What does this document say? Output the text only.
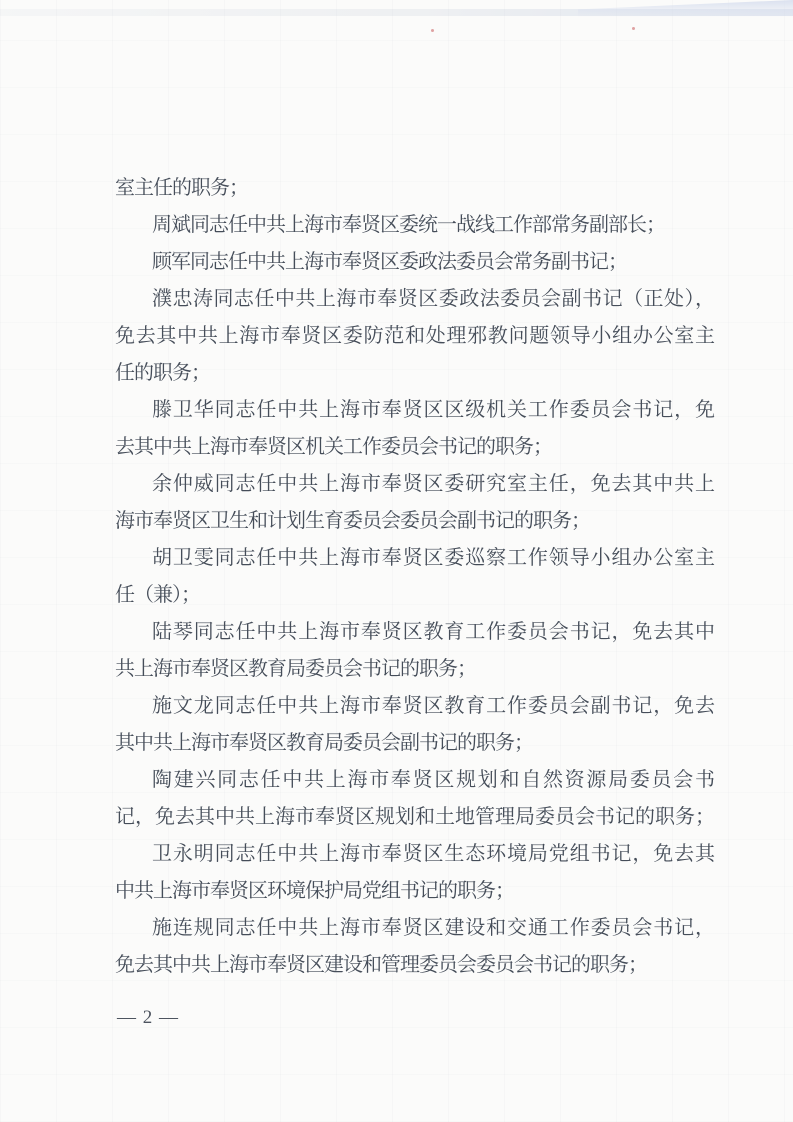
室主任的职务；
周斌同志任中共上海市奉贤区委统一战线工作部常务副部长；
顾军同志任中共上海市奉贤区委政法委员会常务副书记；
濮忠涛同志任中共上海市奉贤区委政法委员会副书记（正处），
免去其中共上海市奉贤区委防范和处理邪教问题领导小组办公室主
任的职务；
滕卫华同志任中共上海市奉贤区区级机关工作委员会书记，免
去其中共上海市奉贤区机关工作委员会书记的职务；
余仲威同志任中共上海市奉贤区委研究室主任，免去其中共上
海市奉贤区卫生和计划生育委员会委员会副书记的职务；
胡卫雯同志任中共上海市奉贤区委巡察工作领导小组办公室主
任（兼）；
陆琴同志任中共上海市奉贤区教育工作委员会书记，免去其中
共上海市奉贤区教育局委员会书记的职务；
施文龙同志任中共上海市奉贤区教育工作委员会副书记，免去
其中共上海市奉贤区教育局委员会副书记的职务；
陶建兴同志任中共上海市奉贤区规划和自然资源局委员会书
记，免去其中共上海市奉贤区规划和土地管理局委员会书记的职务；
卫永明同志任中共上海市奉贤区生态环境局党组书记，免去其
中共上海市奉贤区环境保护局党组书记的职务；
施连规同志任中共上海市奉贤区建设和交通工作委员会书记，
免去其中共上海市奉贤区建设和管理委员会委员会书记的职务；
— 2 —
